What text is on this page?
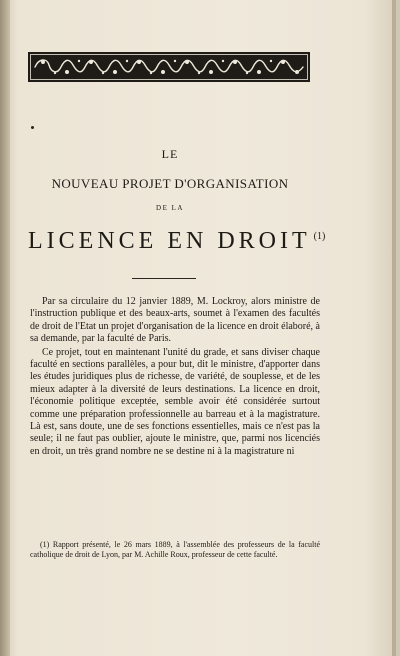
LE
NOUVEAU PROJET D'ORGANISATION
DE LA
LICENCE EN DROIT $^{(1)}$

Par sa circulaire du 12 janvier 1889, M. Lockroy, alors ministre de l'instruction publique et des beaux-arts, soumet à l'examen des facultés de droit de l'Etat un projet d'organisation de la licence en droit élaboré, à sa demande, par la faculté de Paris.

Ce projet, tout en maintenant l'unité du grade, et sans diviser chaque faculté en sections parallèles, a pour but, dit le ministre, d'apporter dans les études juridiques plus de richesse, de variété, de souplesse, et de les mieux adapter à la diversité de leurs destinations. La licence en droit, l'économie politique exceptée, semble avoir été considérée surtout comme une préparation professionnelle au barreau et à la magistrature. Là est, sans doute, une de ses fonctions essentielles, mais ce n'est pas la seule; il ne faut pas oublier, ajoute le ministre, que, parmi nos licenciés en droit, un très grand nombre ne se destine ni à la magistrature ni

(1) Rapport présenté, le 26 mars 1889, à l'assemblée des professeurs de la faculté catholique de droit de Lyon, par M. Achille Roux, professeur de cette faculté.
